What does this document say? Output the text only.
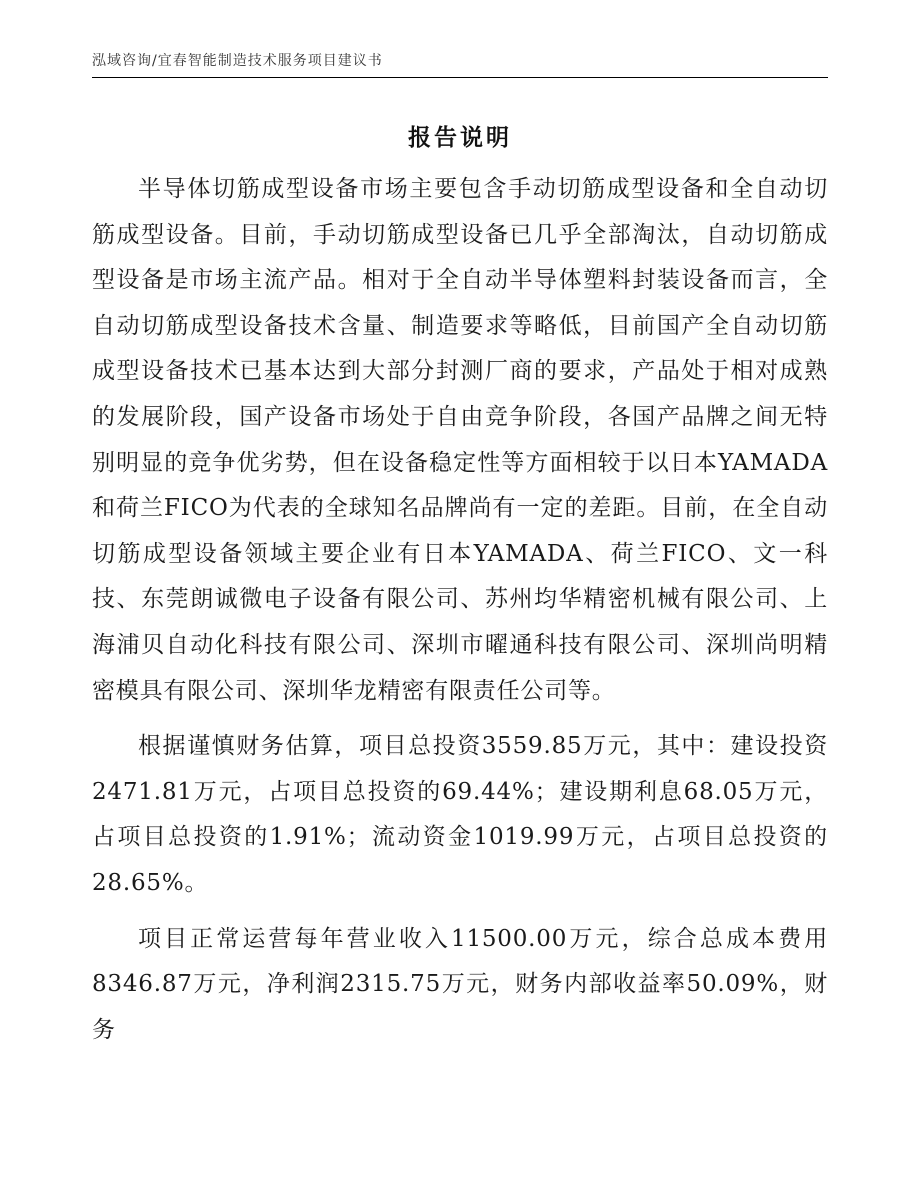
泓域咨询/宜春智能制造技术服务项目建议书
报告说明

半导体切筋成型设备市场主要包含手动切筋成型设备和全自动切筋成型设备。目前，手动切筋成型设备已几乎全部淘汰，自动切筋成型设备是市场主流产品。相对于全自动半导体塑料封装设备而言，全自动切筋成型设备技术含量、制造要求等略低，目前国产全自动切筋成型设备技术已基本达到大部分封测厂商的要求，产品处于相对成熟的发展阶段，国产设备市场处于自由竞争阶段，各国产品牌之间无特别明显的竞争优劣势，但在设备稳定性等方面相较于以日本YAMADA和荷兰FICO为代表的全球知名品牌尚有一定的差距。目前，在全自动切筋成型设备领域主要企业有日本YAMADA、荷兰FICO、文一科技、东莞朗诚微电子设备有限公司、苏州均华精密机械有限公司、上海浦贝自动化科技有限公司、深圳市曜通科技有限公司、深圳尚明精密模具有限公司、深圳华龙精密有限责任公司等。

根据谨慎财务估算，项目总投资3559.85万元，其中：建设投资2471.81万元，占项目总投资的69.44%；建设期利息68.05万元，占项目总投资的1.91%；流动资金1019.99万元，占项目总投资的28.65%。

项目正常运营每年营业收入11500.00万元，综合总成本费用8346.87万元，净利润2315.75万元，财务内部收益率50.09%，财务
